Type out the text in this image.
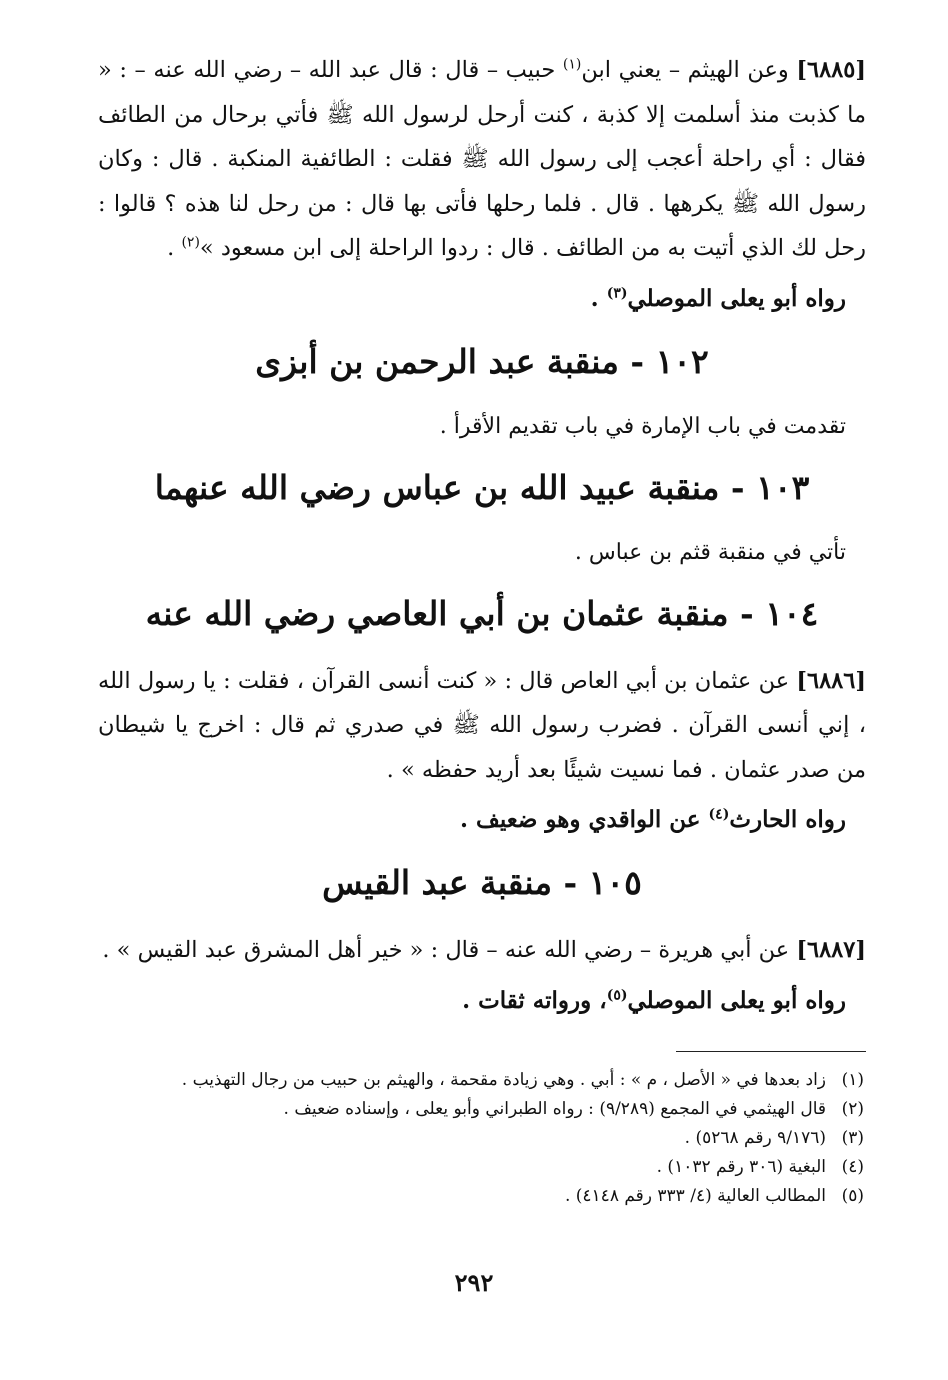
[٦٨٨٥] وعن الهيثم – يعني ابن$^{(١)}$ حبيب – قال : قال عبد الله – رضي الله عنه – : « ما كذبت منذ أسلمت إلا كذبة ، كنت أرحل لرسول الله ﷺ فأتي برحال من الطائف فقال : أي راحلة أعجب إلى رسول الله ﷺ فقلت : الطائفية المنكبة . قال : وكان رسول الله ﷺ يكرهها . قال . فلما رحلها فأتى بها قال : من رحل لنا هذه ؟ قالوا : رحل لك الذي أتيت به من الطائف . قال : ردوا الراحلة إلى ابن مسعود »$^{(٢)}$ .

رواه أبو يعلى الموصلي$^{(٣)}$ .

١٠٢ - منقبة عبد الرحمن بن أبزى

تقدمت في باب الإمارة في باب تقديم الأقرأ .

١٠٣ - منقبة عبيد الله بن عباس رضي الله عنهما

تأتي في منقبة قثم بن عباس .

١٠٤ - منقبة عثمان بن أبي العاصي رضي الله عنه

[٦٨٨٦] عن عثمان بن أبي العاص قال : « كنت أنسى القرآن ، فقلت : يا رسول الله ، إني أنسى القرآن . فضرب رسول الله ﷺ في صدري ثم قال : اخرج يا شيطان من صدر عثمان . فما نسيت شيئًا بعد أريد حفظه » .

رواه الحارث$^{(٤)}$ عن الواقدي وهو ضعيف .

١٠٥ - منقبة عبد القيس

[٦٨٨٧] عن أبي هريرة – رضي الله عنه – قال : « خير أهل المشرق عبد القيس » .

رواه أبو يعلى الموصلي$^{(٥)}$، ورواته ثقات .

(١)
زاد بعدها في « الأصل ، م » : أبي . وهي زيادة مقحمة ، والهيثم بن حبيب من رجال التهذيب .
(٢)
قال الهيثمي في المجمع (٩/٢٨٩) : رواه الطبراني وأبو يعلى ، وإسناده ضعيف .
(٣)
(٩/١٧٦ رقم ٥٢٦٨) .
(٤)
البغية (٣٠٦ رقم ١٠٣٢) .
(٥)
المطالب العالية (٤/ ٣٣٣ رقم ٤١٤٨) .
٢٩٢
